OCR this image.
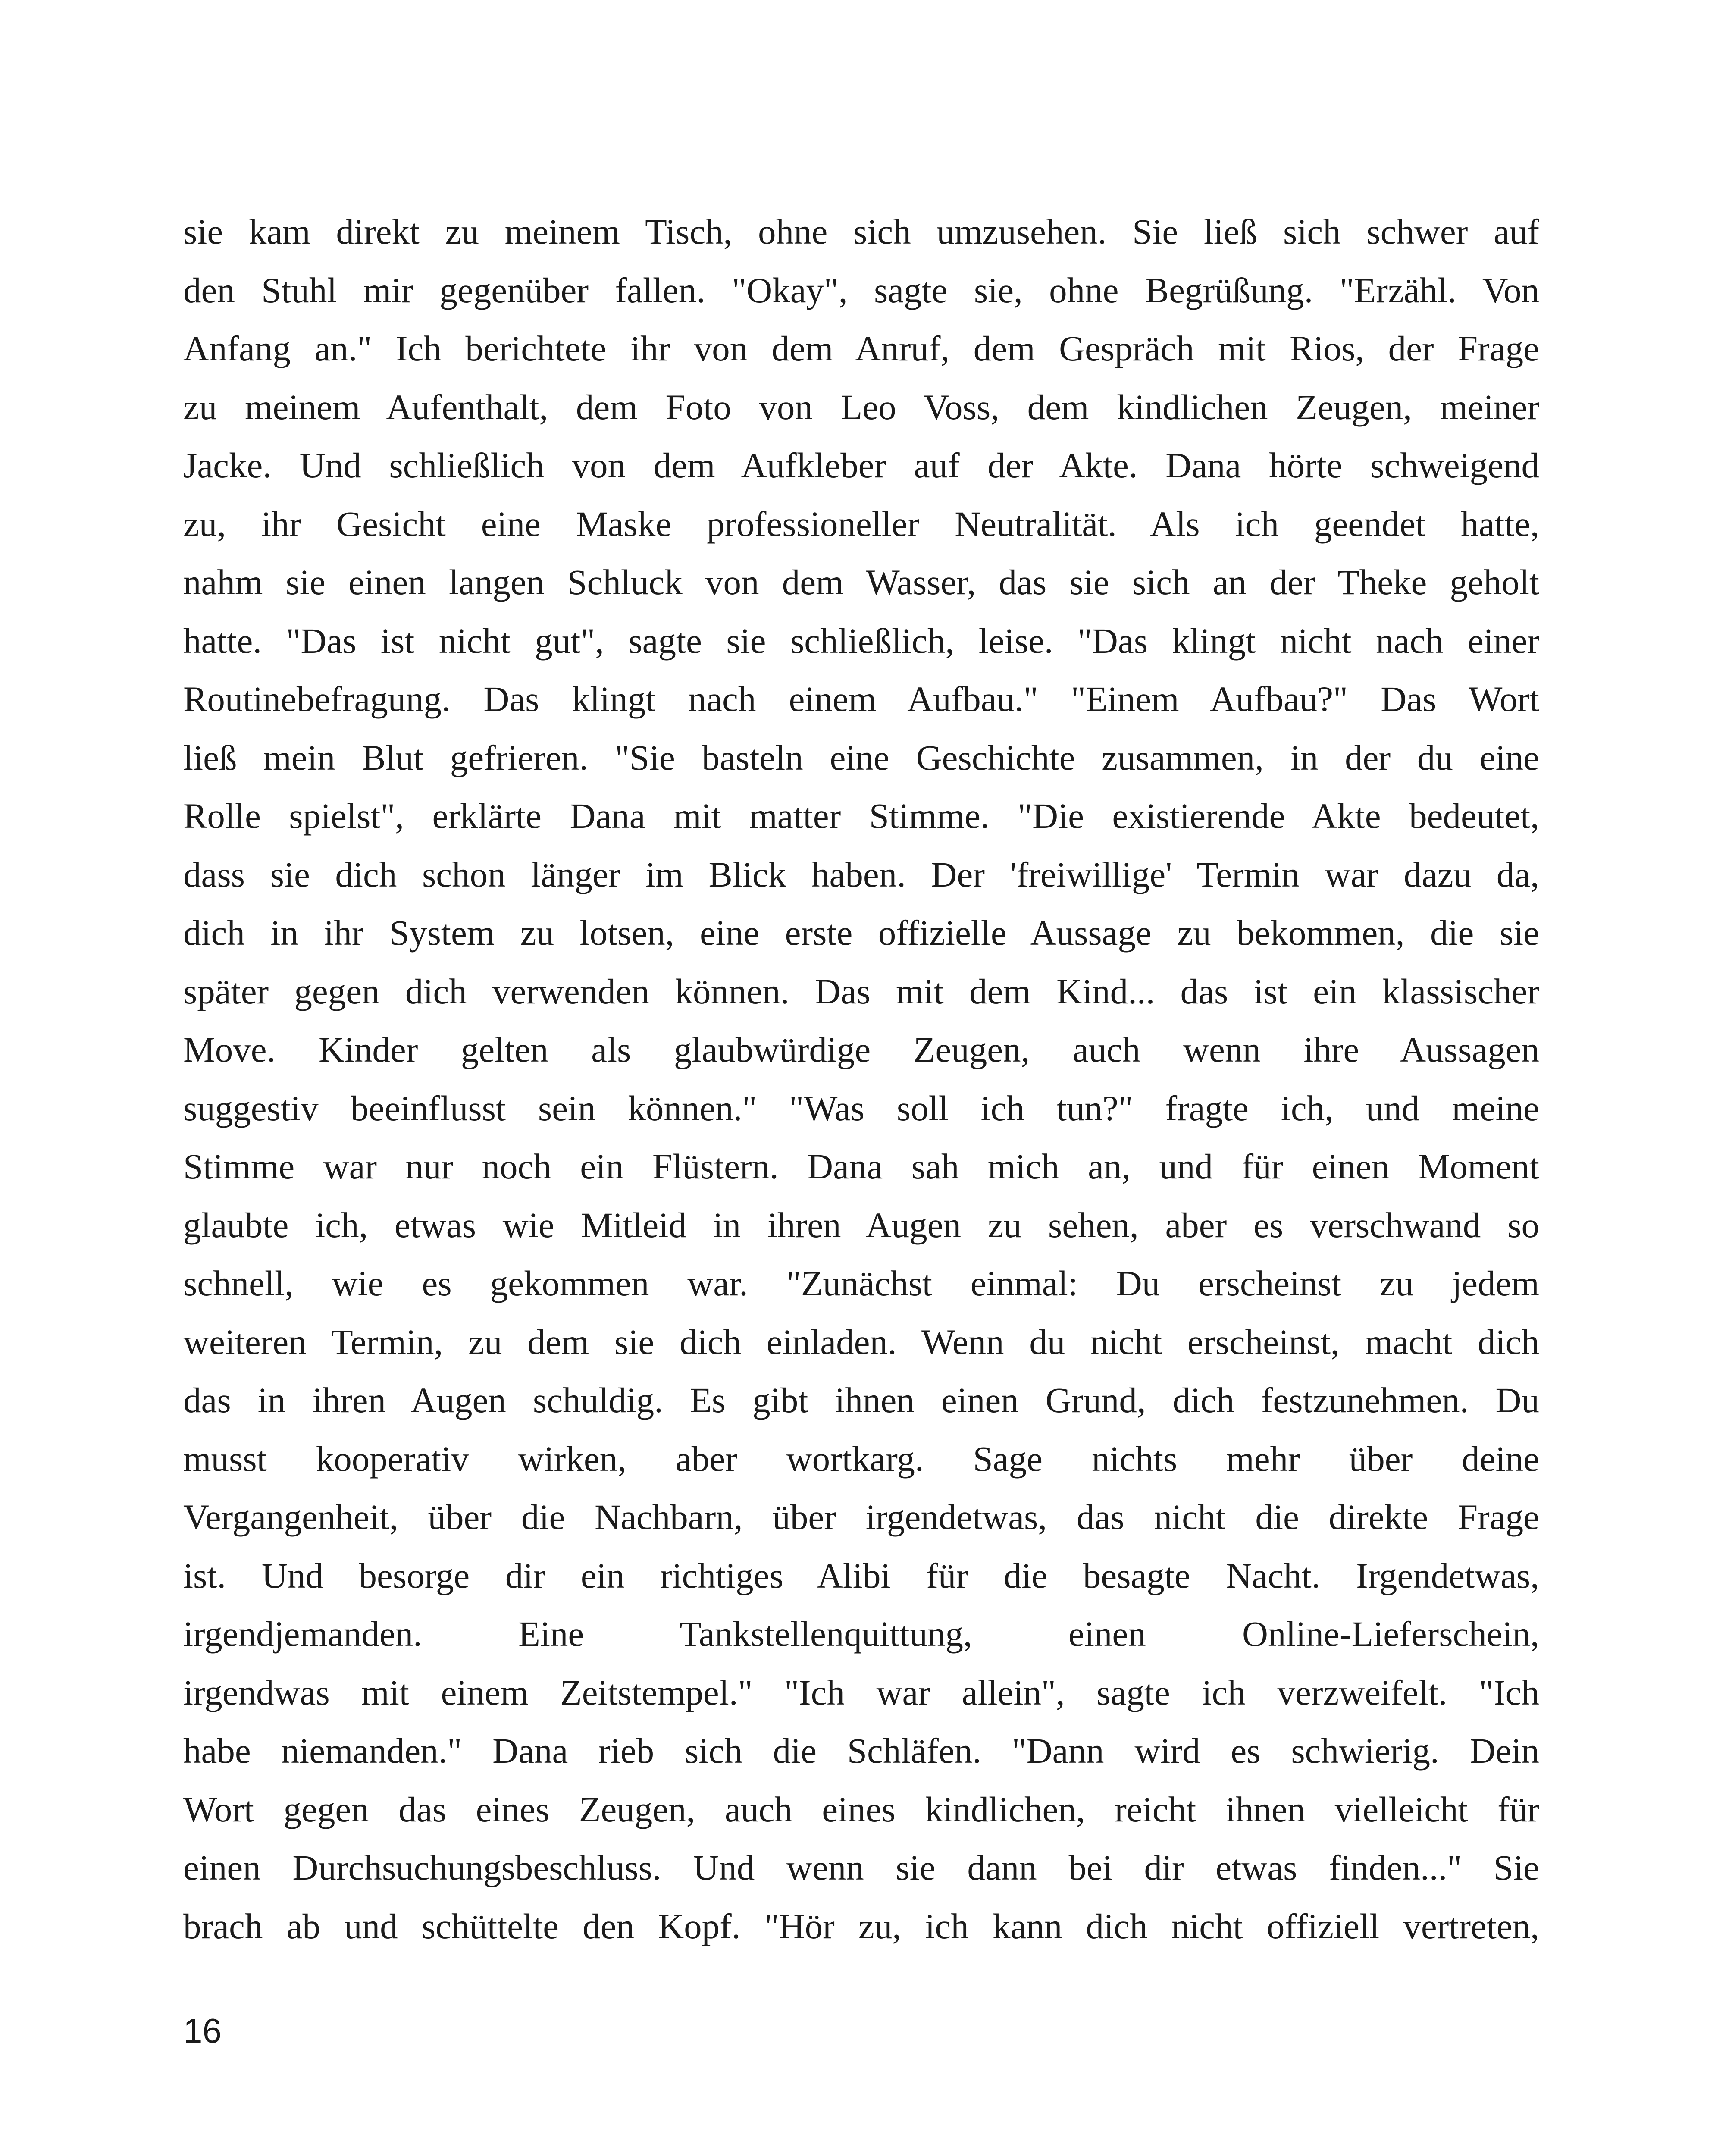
sie kam direkt zu meinem Tisch, ohne sich umzusehen. Sie ließ sich schwer auf
den Stuhl mir gegenüber fallen. "Okay", sagte sie, ohne Begrüßung. "Erzähl. Von
Anfang an." Ich berichtete ihr von dem Anruf, dem Gespräch mit Rios, der Frage
zu meinem Aufenthalt, dem Foto von Leo Voss, dem kindlichen Zeugen, meiner
Jacke. Und schließlich von dem Aufkleber auf der Akte. Dana hörte schweigend
zu, ihr Gesicht eine Maske professioneller Neutralität. Als ich geendet hatte,
nahm sie einen langen Schluck von dem Wasser, das sie sich an der Theke geholt
hatte. "Das ist nicht gut", sagte sie schließlich, leise. "Das klingt nicht nach einer
Routinebefragung. Das klingt nach einem Aufbau." "Einem Aufbau?" Das Wort
ließ mein Blut gefrieren. "Sie basteln eine Geschichte zusammen, in der du eine
Rolle spielst", erklärte Dana mit matter Stimme. "Die existierende Akte bedeutet,
dass sie dich schon länger im Blick haben. Der 'freiwillige' Termin war dazu da,
dich in ihr System zu lotsen, eine erste offizielle Aussage zu bekommen, die sie
später gegen dich verwenden können. Das mit dem Kind... das ist ein klassischer
Move. Kinder gelten als glaubwürdige Zeugen, auch wenn ihre Aussagen
suggestiv beeinflusst sein können." "Was soll ich tun?" fragte ich, und meine
Stimme war nur noch ein Flüstern. Dana sah mich an, und für einen Moment
glaubte ich, etwas wie Mitleid in ihren Augen zu sehen, aber es verschwand so
schnell, wie es gekommen war. "Zunächst einmal: Du erscheinst zu jedem
weiteren Termin, zu dem sie dich einladen. Wenn du nicht erscheinst, macht dich
das in ihren Augen schuldig. Es gibt ihnen einen Grund, dich festzunehmen. Du
musst kooperativ wirken, aber wortkarg. Sage nichts mehr über deine
Vergangenheit, über die Nachbarn, über irgendetwas, das nicht die direkte Frage
ist. Und besorge dir ein richtiges Alibi für die besagte Nacht. Irgendetwas,
irgendjemanden. Eine Tankstellenquittung, einen Online-Lieferschein,
irgendwas mit einem Zeitstempel." "Ich war allein", sagte ich verzweifelt. "Ich
habe niemanden." Dana rieb sich die Schläfen. "Dann wird es schwierig. Dein
Wort gegen das eines Zeugen, auch eines kindlichen, reicht ihnen vielleicht für
einen Durchsuchungsbeschluss. Und wenn sie dann bei dir etwas finden..." Sie
brach ab und schüttelte den Kopf. "Hör zu, ich kann dich nicht offiziell vertreten,
16
